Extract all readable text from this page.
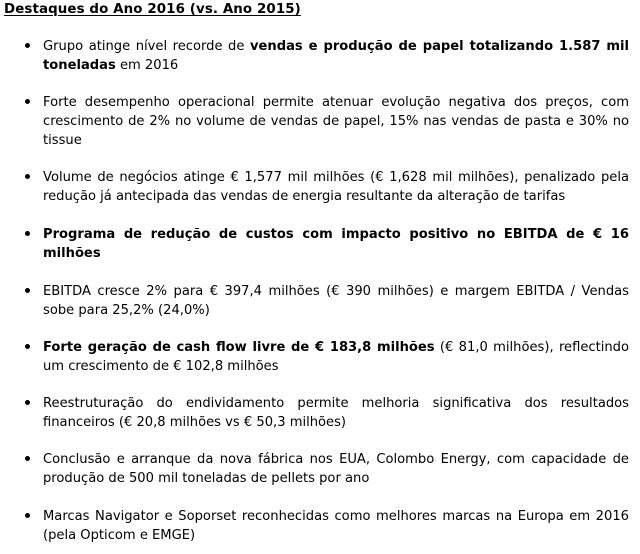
Destaques do Ano 2016 (vs. Ano 2015)
Grupo atinge nível recorde de vendas e produção de papel totalizando 1.587 mil toneladas em 2016
Forte desempenho operacional permite atenuar evolução negativa dos preços, com crescimento de 2% no volume de vendas de papel, 15% nas vendas de pasta e 30% no tissue
Volume de negócios atinge € 1,577 mil milhões (€ 1,628 mil milhões), penalizado pela redução já antecipada das vendas de energia resultante da alteração de tarifas
Programa de redução de custos com impacto positivo no EBITDA de € 16 milhões
EBITDA cresce 2% para € 397,4 milhões (€ 390 milhões) e margem EBITDA / Vendas sobe para 25,2% (24,0%)
Forte geração de cash flow livre de € 183,8 milhões (€ 81,0 milhões), reflectindo um crescimento de € 102,8 milhões
Reestruturação do endividamento permite melhoria significativa dos resultados financeiros (€ 20,8 milhões vs € 50,3 milhões)
Conclusão e arranque da nova fábrica nos EUA, Colombo Energy, com capacidade de produção de 500 mil toneladas de pellets por ano
Marcas Navigator e Soporset reconhecidas como melhores marcas na Europa em 2016 (pela Opticom e EMGE)
